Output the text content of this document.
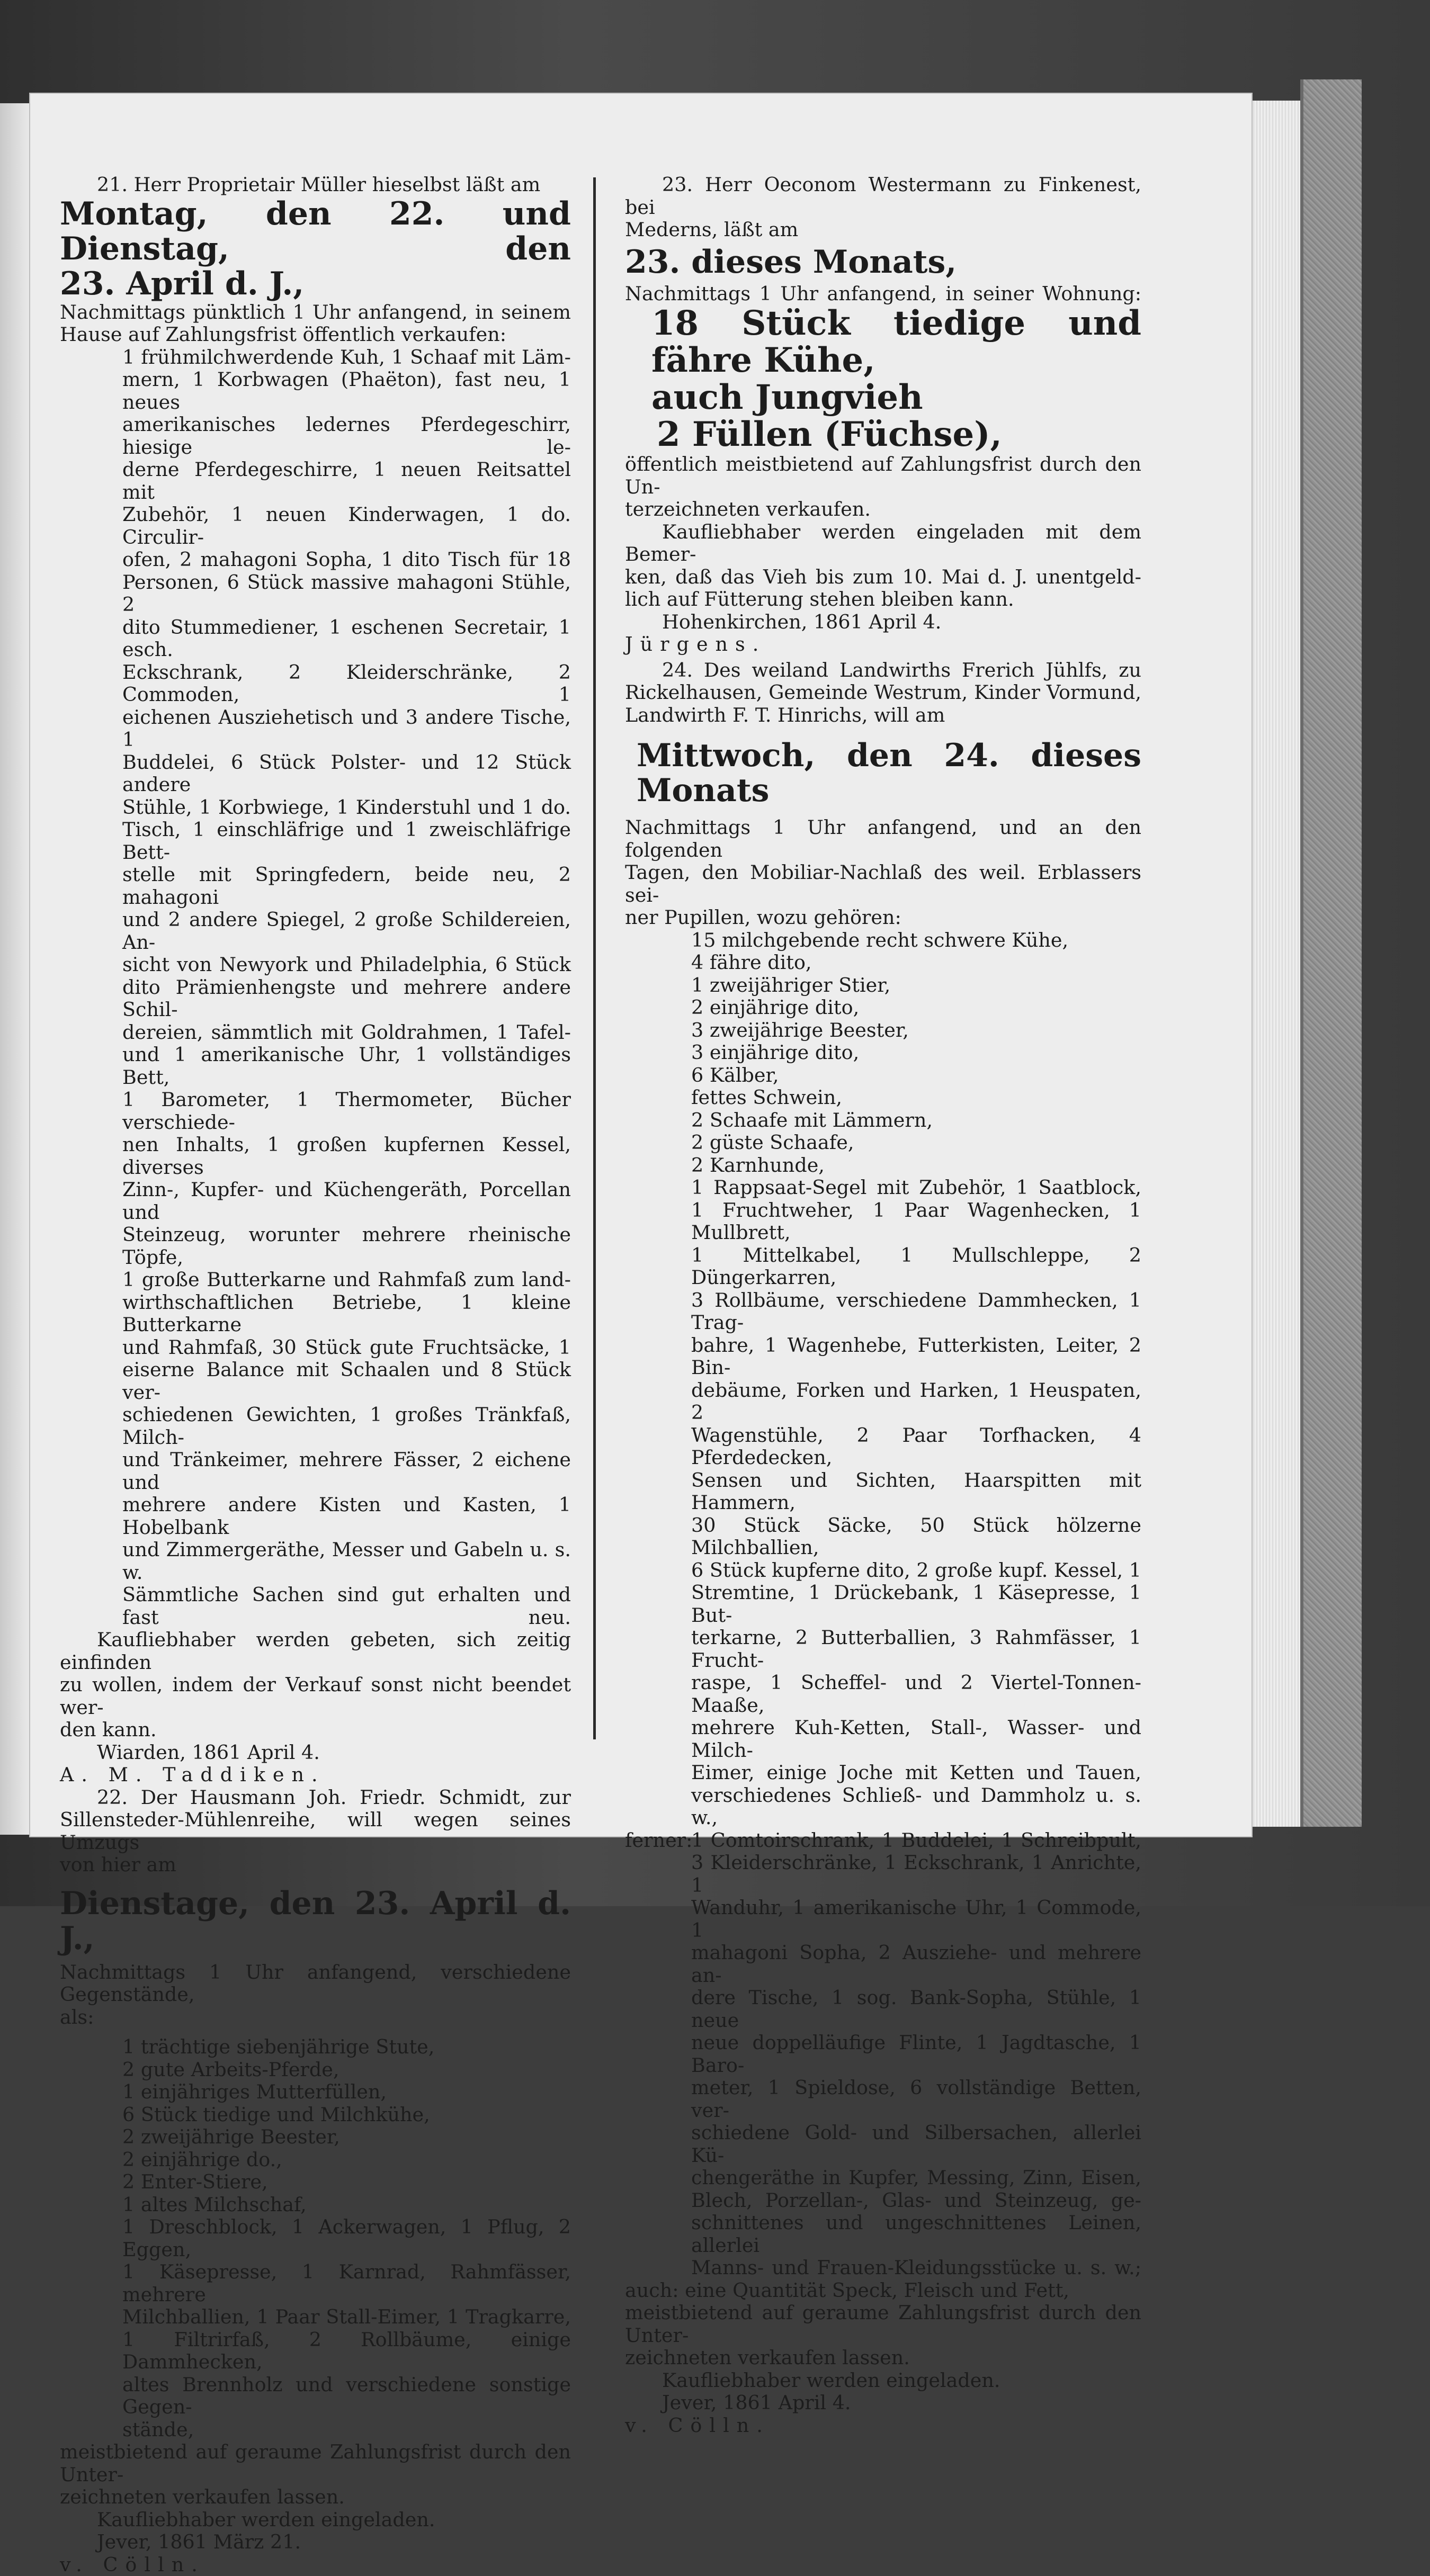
21. Herr Proprietair Müller hieselbst läßt am

Montag, den 22. und Dienstag, den

23. April d. J.,

Nachmittags pünktlich 1 Uhr anfangend, in seinem

Hause auf Zahlungsfrist öffentlich verkaufen:

1 frühmilchwerdende Kuh, 1 Schaaf mit Läm-

mern, 1 Korbwagen (Phaëton), fast neu, 1 neues

amerikanisches ledernes Pferdegeschirr, hiesige le-

derne Pferdegeschirre, 1 neuen Reitsattel mit

Zubehör, 1 neuen Kinderwagen, 1 do. Circulir-

ofen, 2 mahagoni Sopha, 1 dito Tisch für 18

Personen, 6 Stück massive mahagoni Stühle, 2

dito Stummediener, 1 eschenen Secretair, 1 esch.

Eckschrank, 2 Kleiderschränke, 2 Commoden, 1

eichenen Ausziehetisch und 3 andere Tische, 1

Buddelei, 6 Stück Polster- und 12 Stück andere

Stühle, 1 Korbwiege, 1 Kinderstuhl und 1 do.

Tisch, 1 einschläfrige und 1 zweischläfrige Bett-

stelle mit Springfedern, beide neu, 2 mahagoni

und 2 andere Spiegel, 2 große Schildereien, An-

sicht von Newyork und Philadelphia, 6 Stück

dito Prämienhengste und mehrere andere Schil-

dereien, sämmtlich mit Goldrahmen, 1 Tafel-

und 1 amerikanische Uhr, 1 vollständiges Bett,

1 Barometer, 1 Thermometer, Bücher verschiede-

nen Inhalts, 1 großen kupfernen Kessel, diverses

Zinn-, Kupfer- und Küchengeräth, Porcellan und

Steinzeug, worunter mehrere rheinische Töpfe,

1 große Butterkarne und Rahmfaß zum land-

wirthschaftlichen Betriebe, 1 kleine Butterkarne

und Rahmfaß, 30 Stück gute Fruchtsäcke, 1

eiserne Balance mit Schaalen und 8 Stück ver-

schiedenen Gewichten, 1 großes Tränkfaß, Milch-

und Tränkeimer, mehrere Fässer, 2 eichene und

mehrere andere Kisten und Kasten, 1 Hobelbank

und Zimmergeräthe, Messer und Gabeln u. s. w.

Sämmtliche Sachen sind gut erhalten und fast neu.

Kaufliebhaber werden gebeten, sich zeitig einfinden

zu wollen, indem der Verkauf sonst nicht beendet wer-

den kann.

Wiarden, 1861 April 4.

A. M. Taddiken.

22. Der Hausmann Joh. Friedr. Schmidt, zur

Sillensteder-Mühlenreihe, will wegen seines Umzugs

von hier am

Dienstage, den 23. April d. J.,

Nachmittags 1 Uhr anfangend, verschiedene Gegenstände,

als:

1 trächtige siebenjährige Stute,

2 gute Arbeits-Pferde,

1 einjähriges Mutterfüllen,

6 Stück tiedige und Milchkühe,

2 zweijährige Beester,

2 einjährige do.,

2 Enter-Stiere,

1 altes Milchschaf,

1 Dreschblock, 1 Ackerwagen, 1 Pflug, 2 Eggen,

1 Käsepresse, 1 Karnrad, Rahmfässer, mehrere

Milchballien, 1 Paar Stall-Eimer, 1 Tragkarre,

1 Filtrirfaß, 2 Rollbäume, einige Dammhecken,

altes Brennholz und verschiedene sonstige Gegen-

stände,

meistbietend auf geraume Zahlungsfrist durch den Unter-

zeichneten verkaufen lassen.

Kaufliebhaber werden eingeladen.

Jever, 1861 März 21.

v. Cölln.

23. Herr Oeconom Westermann zu Finkenest, bei

Mederns, läßt am

23. dieses Monats,

Nachmittags 1 Uhr anfangend, in seiner Wohnung:

18 Stück tiedige und fähre Kühe,

auch Jungvieh

2 Füllen (Füchse),

öffentlich meistbietend auf Zahlungsfrist durch den Un-

terzeichneten verkaufen.

Kaufliebhaber werden eingeladen mit dem Bemer-

ken, daß das Vieh bis zum 10. Mai d. J. unentgeld-

lich auf Fütterung stehen bleiben kann.

Hohenkirchen, 1861 April 4.

Jürgens.

24. Des weiland Landwirths Frerich Jühlfs, zu

Rickelhausen, Gemeinde Westrum, Kinder Vormund,

Landwirth F. T. Hinrichs, will am

Mittwoch, den 24. dieses Monats

Nachmittags 1 Uhr anfangend, und an den folgenden

Tagen, den Mobiliar-Nachlaß des weil. Erblassers sei-

ner Pupillen, wozu gehören:

15 milchgebende recht schwere Kühe,

4 fähre dito,

1 zweijähriger Stier,

2 einjährige dito,

3 zweijährige Beester,

3 einjährige dito,

6 Kälber,

fettes Schwein,

2 Schaafe mit Lämmern,

2 güste Schaafe,

2 Karnhunde,

1 Rappsaat-Segel mit Zubehör, 1 Saatblock,

1 Fruchtweher, 1 Paar Wagenhecken, 1 Mullbrett,

1 Mittelkabel, 1 Mullschleppe, 2 Düngerkarren,

3 Rollbäume, verschiedene Dammhecken, 1 Trag-

bahre, 1 Wagenhebe, Futterkisten, Leiter, 2 Bin-

debäume, Forken und Harken, 1 Heuspaten, 2

Wagenstühle, 2 Paar Torfhacken, 4 Pferdedecken,

Sensen und Sichten, Haarspitten mit Hammern,

30 Stück Säcke, 50 Stück hölzerne Milchballien,

6 Stück kupferne dito, 2 große kupf. Kessel, 1

Stremtine, 1 Drückebank, 1 Käsepresse, 1 But-

terkarne, 2 Butterballien, 3 Rahmfässer, 1 Frucht-

raspe, 1 Scheffel- und 2 Viertel-Tonnen-Maaße,

mehrere Kuh-Ketten, Stall-, Wasser- und Milch-

Eimer, einige Joche mit Ketten und Tauen,

verschiedenes Schließ- und Dammholz u. s. w.,

ferner:

1 Comtoirschrank, 1 Buddelei, 1 Schreibpult,

3 Kleiderschränke, 1 Eckschrank, 1 Anrichte, 1

Wanduhr, 1 amerikanische Uhr, 1 Commode, 1

mahagoni Sopha, 2 Ausziehe- und mehrere an-

dere Tische, 1 sog. Bank-Sopha, Stühle, 1 neue

neue doppelläufige Flinte, 1 Jagdtasche, 1 Baro-

meter, 1 Spieldose, 6 vollständige Betten, ver-

schiedene Gold- und Silbersachen, allerlei Kü-

chengeräthe in Kupfer, Messing, Zinn, Eisen,

Blech, Porzellan-, Glas- und Steinzeug, ge-

schnittenes und ungeschnittenes Leinen, allerlei

Manns- und Frauen-Kleidungsstücke u. s. w.;

auch: eine Quantität Speck, Fleisch und Fett,

meistbietend auf geraume Zahlungsfrist durch den Unter-

zeichneten verkaufen lassen.

Kaufliebhaber werden eingeladen.

Jever, 1861 April 4.

v. Cölln.
